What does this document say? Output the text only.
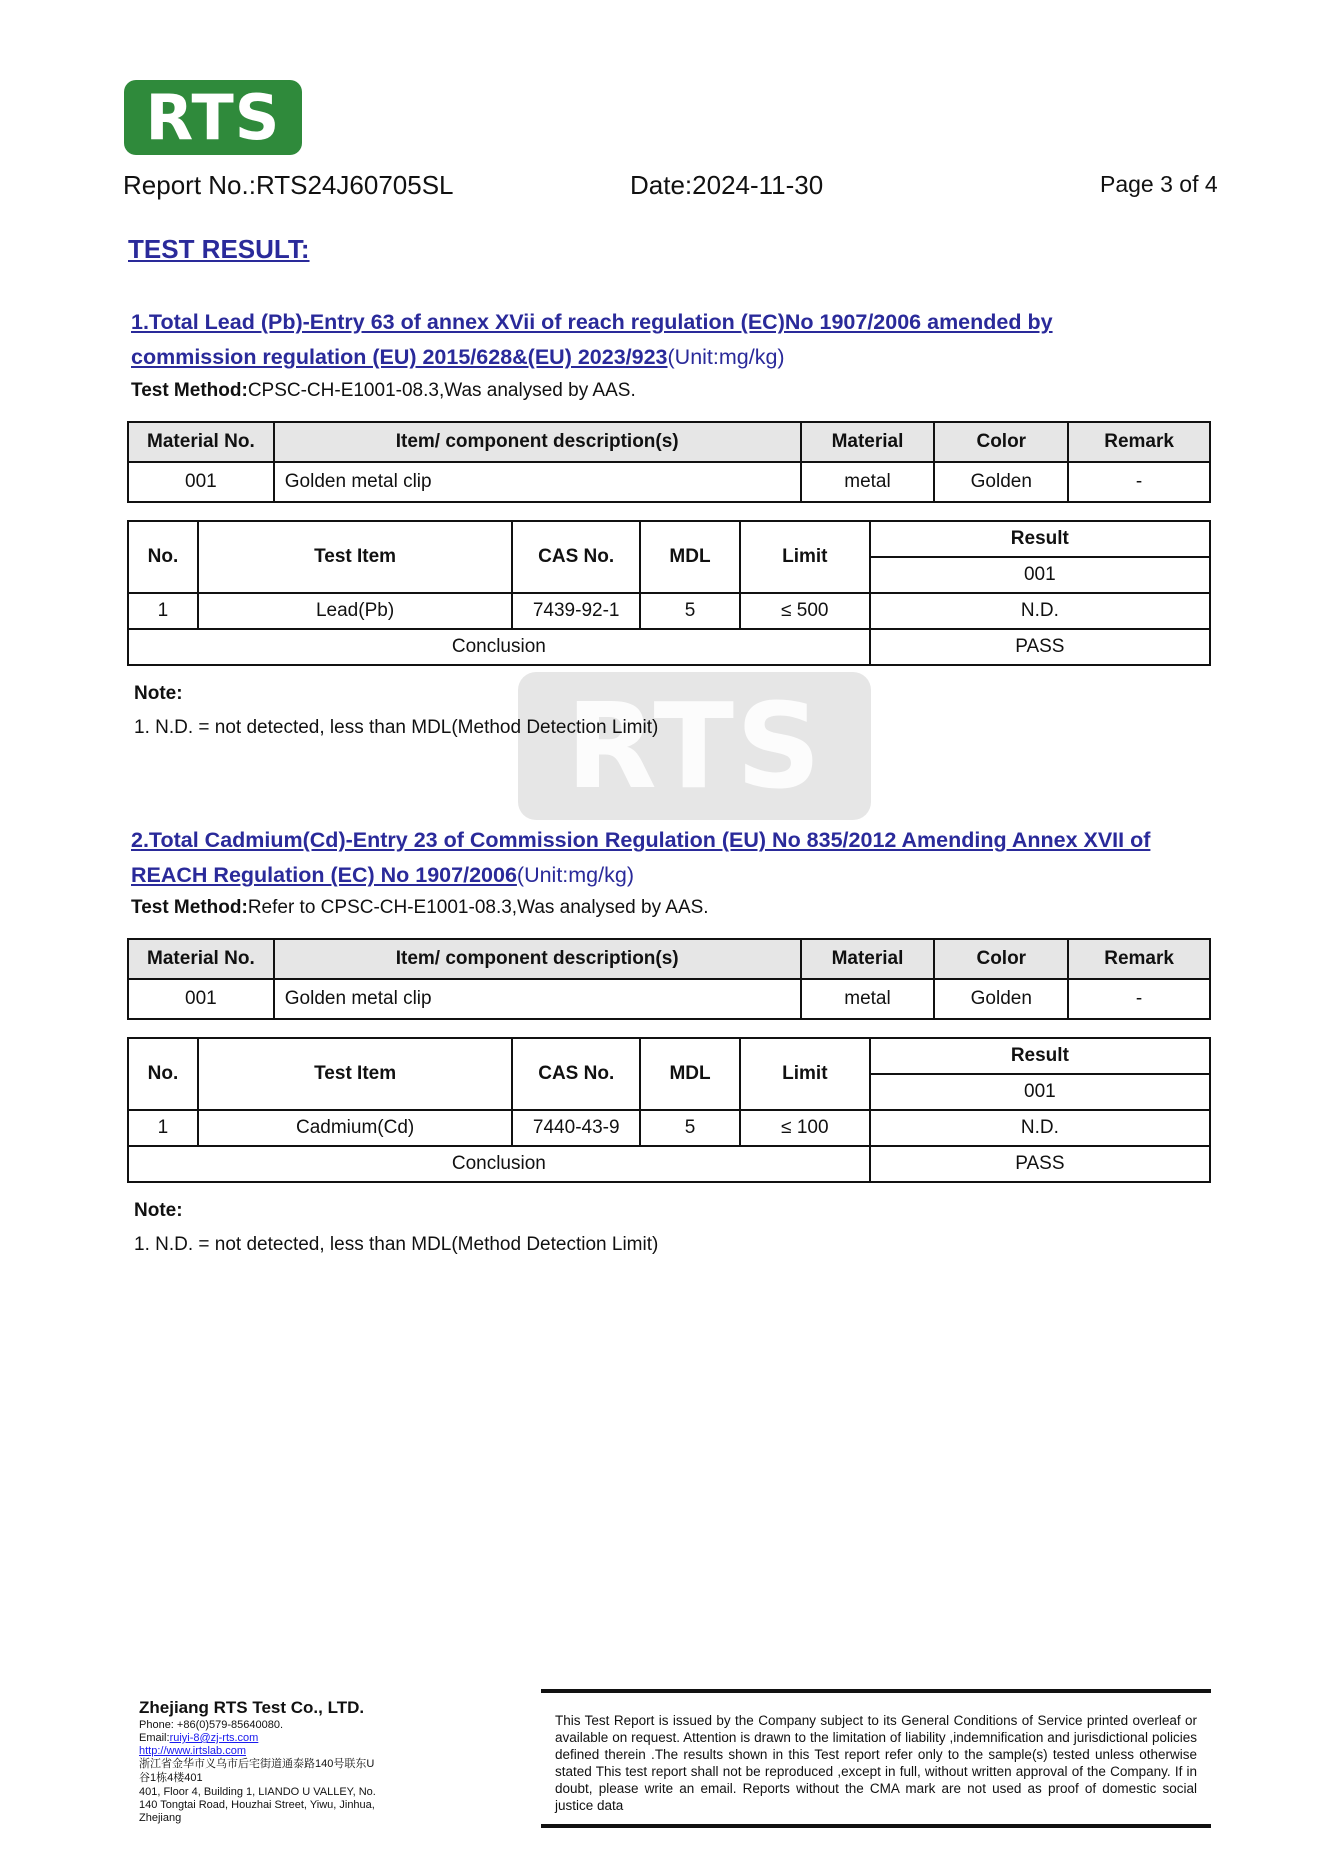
RTS
Report No.:RTS24J60705SL	Date:2024-11-30	Page 3 of 4
TEST RESULT:
RTS
1.Total Lead (Pb)-Entry 63 of annex XVii of reach regulation (EC)No 1907/2006 amended by
commission regulation (EU) 2015/628&(EU) 2023/923(Unit:mg/kg)
Test Method:CPSC-CH-E1001-08.3,Was analysed by AAS.
Material No.	Item/ component description(s)	Material	Color	Remark
001	Golden metal clip	metal	Golden	-
No.	Test Item	CAS No.	MDL	Limit	Result
					001
1	Lead(Pb)	7439-92-1	5	≤ 500	N.D.
Conclusion					PASS
Note:
1. N.D. = not detected, less than MDL(Method Detection Limit)
2.Total Cadmium(Cd)-Entry 23 of Commission Regulation (EU) No 835/2012 Amending Annex XVII of
REACH Regulation (EC) No 1907/2006(Unit:mg/kg)
Test Method:Refer to CPSC-CH-E1001-08.3,Was analysed by AAS.
Material No.	Item/ component description(s)	Material	Color	Remark
001	Golden metal clip	metal	Golden	-
No.	Test Item	CAS No.	MDL	Limit	Result
					001
1	Cadmium(Cd)	7440-43-9	5	≤ 100	N.D.
Conclusion					PASS
Note:
1. N.D. = not detected, less than MDL(Method Detection Limit)
Zhejiang RTS Test Co., LTD.
Phone: +86(0)579-85640080.
Email:ruiyi-8@zj-rts.com
http://www.irtslab.com
浙江省金华市义乌市后宅街道通泰路140号联东U
谷1栋4楼401
401, Floor 4, Building 1, LIANDO U VALLEY, No.
140 Tongtai Road, Houzhai Street, Yiwu, Jinhua,
Zhejiang
This Test Report is issued by the Company subject to its General Conditions of Service printed overleaf or available on request. Attention is drawn to the limitation of liability ,indemnification and jurisdictional policies defined therein .The results shown in this Test report refer only to the sample(s) tested unless otherwise stated This test report shall not be reproduced ,except in full, without written approval of the Company. If in doubt, please write an email. Reports without the CMA mark are not used as proof of domestic social justice data
